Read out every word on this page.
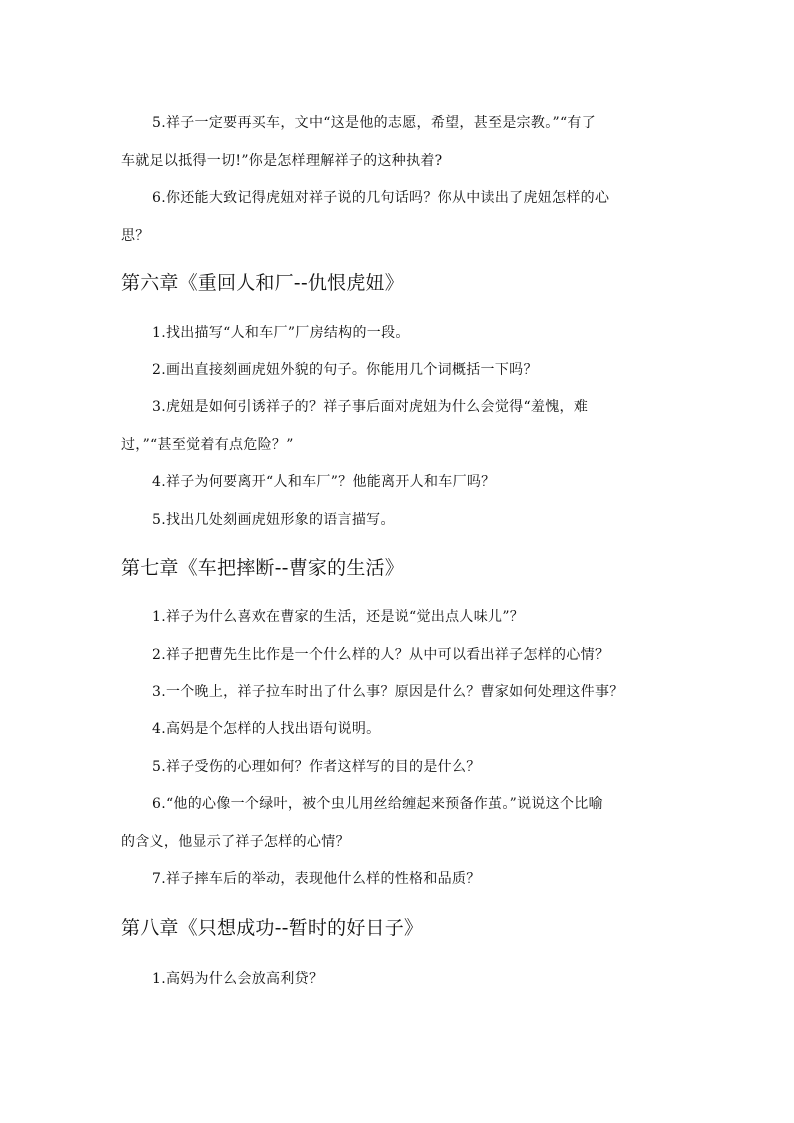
5.祥子一定要再买车，文中“这是他的志愿，希望，甚至是宗教。”“有了

车就足以抵得一切!”你是怎样理解祥子的这种执着?

6.你还能大致记得虎妞对祥子说的几句话吗？你从中读出了虎妞怎样的心

思？

第六章《重回人和厂--仇恨虎妞》

1.找出描写“人和车厂”厂房结构的一段。

2.画出直接刻画虎妞外貌的句子。你能用几个词概括一下吗？

3.虎妞是如何引诱祥子的？祥子事后面对虎妞为什么会觉得“羞愧，难

过，”“甚至觉着有点危险？”

4.祥子为何要离开“人和车厂”？他能离开人和车厂吗？

5.找出几处刻画虎妞形象的语言描写。

第七章《车把摔断--曹家的生活》

1.祥子为什么喜欢在曹家的生活，还是说“觉出点人味儿”？

2.祥子把曹先生比作是一个什么样的人？从中可以看出祥子怎样的心情？

3.一个晚上，祥子拉车时出了什么事？原因是什么？曹家如何处理这件事？

4.高妈是个怎样的人找出语句说明。

5.祥子受伤的心理如何？作者这样写的目的是什么？

6.“他的心像一个绿叶，被个虫儿用丝给缠起来预备作茧。”说说这个比喻

的含义，他显示了祥子怎样的心情？

7.祥子摔车后的举动，表现他什么样的性格和品质？

第八章《只想成功--暂时的好日子》

1.高妈为什么会放高利贷？
